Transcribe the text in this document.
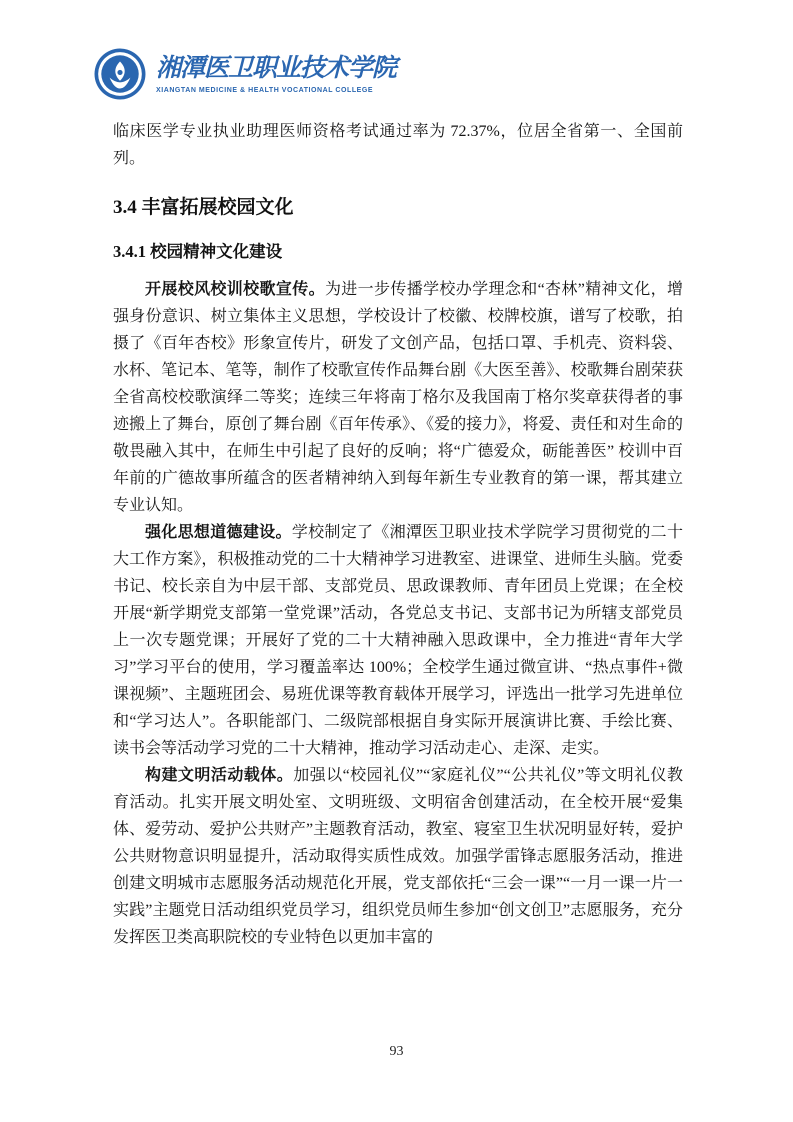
湘潭医卫职业技术学院
XIANGTAN MEDICINE & HEALTH VOCATIONAL COLLEGE

临床医学专业执业助理医师资格考试通过率为 72.37%，位居全省第一、全国前列。

3.4 丰富拓展校园文化
3.4.1 校园精神文化建设

开展校风校训校歌宣传。为进一步传播学校办学理念和“杏林”精神文化，增强身份意识、树立集体主义思想，学校设计了校徽、校牌校旗，谱写了校歌，拍摄了《百年杏校》形象宣传片，研发了文创产品，包括口罩、手机壳、资料袋、水杯、笔记本、笔等，制作了校歌宣传作品舞台剧《大医至善》、校歌舞台剧荣获全省高校校歌演绎二等奖；连续三年将南丁格尔及我国南丁格尔奖章获得者的事迹搬上了舞台，原创了舞台剧《百年传承》、《爱的接力》，将爱、责任和对生命的敬畏融入其中，在师生中引起了良好的反响；将“广德爱众，砺能善医” 校训中百年前的广德故事所蕴含的医者精神纳入到每年新生专业教育的第一课，帮其建立专业认知。

强化思想道德建设。学校制定了《湘潭医卫职业技术学院学习贯彻党的二十大工作方案》，积极推动党的二十大精神学习进教室、进课堂、进师生头脑。党委书记、校长亲自为中层干部、支部党员、思政课教师、青年团员上党课；在全校开展“新学期党支部第一堂党课”活动，各党总支书记、支部书记为所辖支部党员上一次专题党课；开展好了党的二十大精神融入思政课中，全力推进“青年大学习”学习平台的使用，学习覆盖率达 100%；全校学生通过微宣讲、“热点事件+微课视频”、主题班团会、易班优课等教育载体开展学习，评选出一批学习先进单位和“学习达人”。各职能部门、二级院部根据自身实际开展演讲比赛、手绘比赛、读书会等活动学习党的二十大精神，推动学习活动走心、走深、走实。

构建文明活动载体。加强以“校园礼仪”“家庭礼仪”“公共礼仪”等文明礼仪教育活动。扎实开展文明处室、文明班级、文明宿舍创建活动，在全校开展“爱集体、爱劳动、爱护公共财产”主题教育活动，教室、寝室卫生状况明显好转，爱护公共财物意识明显提升，活动取得实质性成效。加强学雷锋志愿服务活动，推进创建文明城市志愿服务活动规范化开展，党支部依托“三会一课”“一月一课一片一实践”主题党日活动组织党员学习，组织党员师生参加“创文创卫”志愿服务，充分发挥医卫类高职院校的专业特色以更加丰富的

93
